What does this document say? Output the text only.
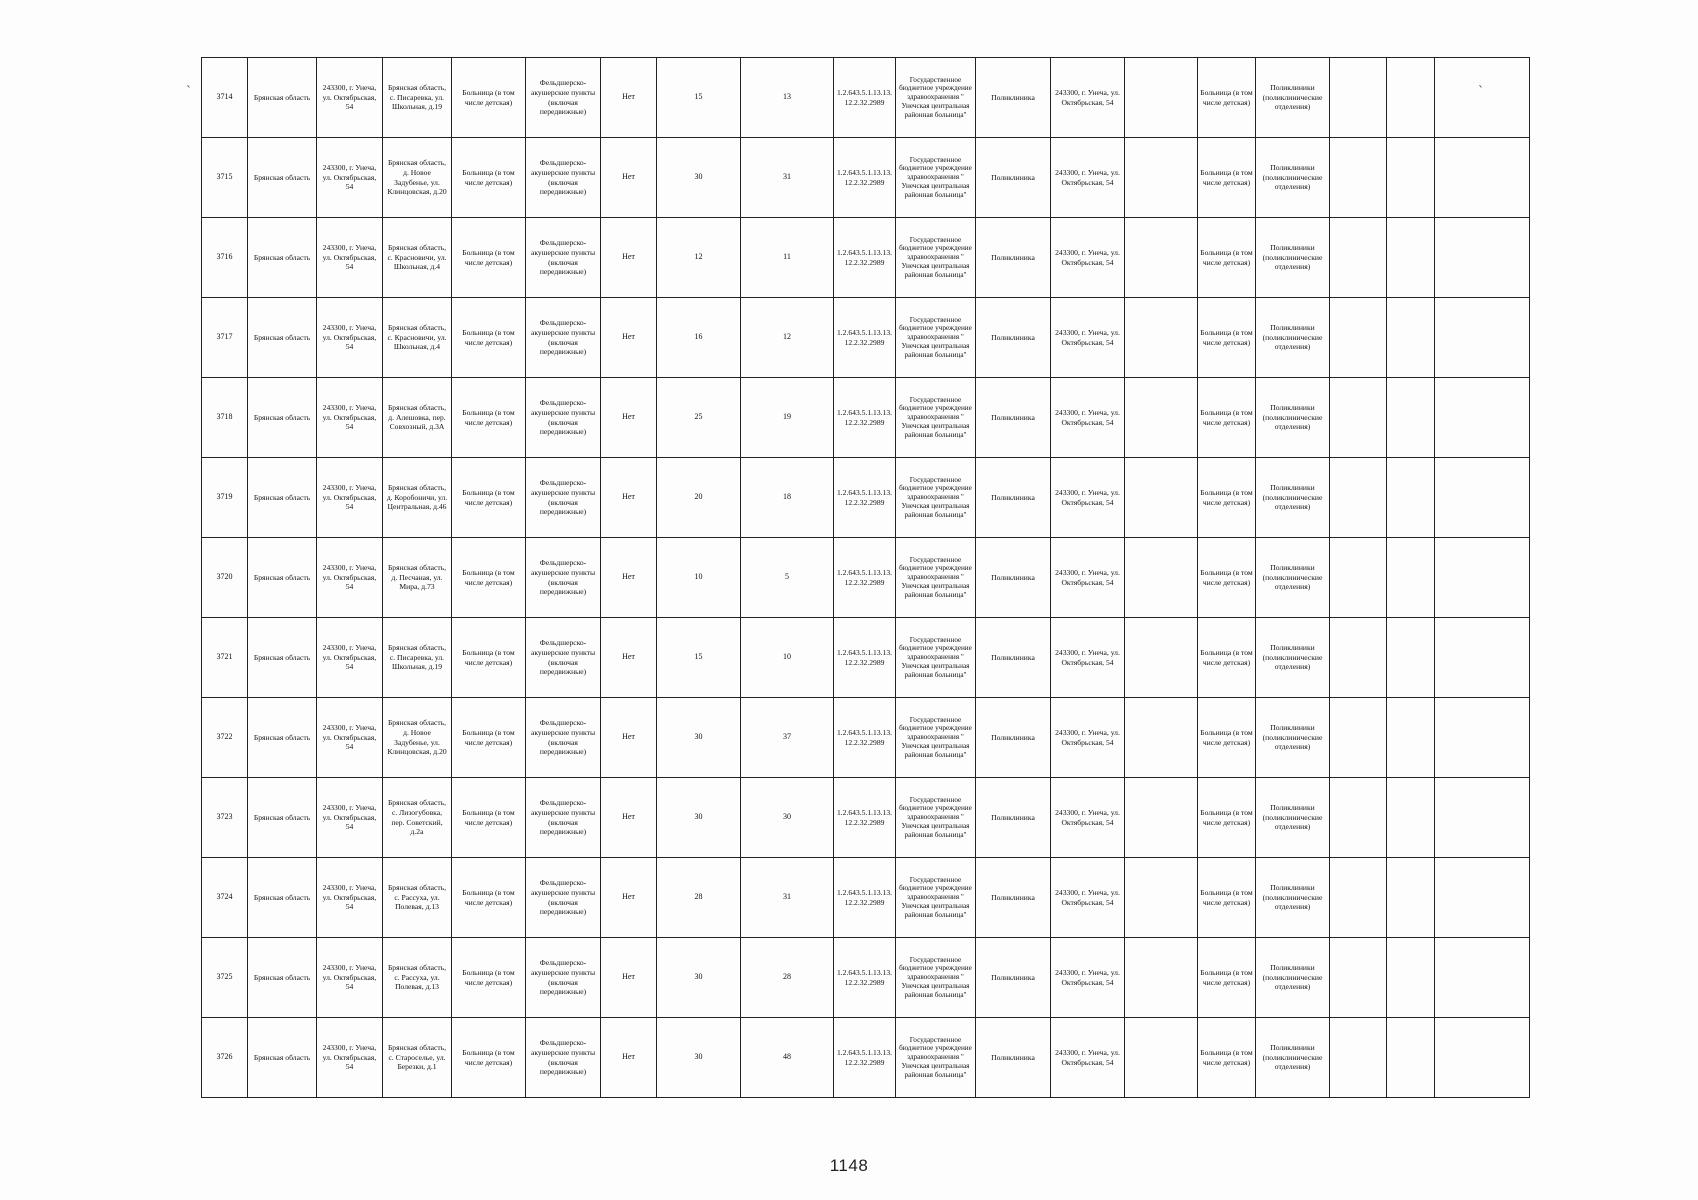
`	`
3714	Брянская область	243300, г. Унеча, ул. Октябрьская, 54	Брянская область, с. Писаревка, ул. Школьная, д.19	Больница (в том числе детская)	Фельдшерско-акушерские пункты (включая передвижные)	Нет	15	13	1.2.643.5.1.13.13.12.2.32.2989	Государственное бюджетное учреждение здравоохранения " Унечская центральная районная больница"	Поликлиника	243300, г. Унеча, ул. Октябрьская, 54		Больница (в том числе детская)	Поликлиники (поликлинические отделения)			
3715	Брянская область	243300, г. Унеча, ул. Октябрьская, 54	Брянская область, д. Новое Задубенье, ул. Клинцовская, д.20	Больница (в том числе детская)	Фельдшерско-акушерские пункты (включая передвижные)	Нет	30	31	1.2.643.5.1.13.13.12.2.32.2989	Государственное бюджетное учреждение здравоохранения " Унечская центральная районная больница"	Поликлиника	243300, г. Унеча, ул. Октябрьская, 54		Больница (в том числе детская)	Поликлиники (поликлинические отделения)			
3716	Брянская область	243300, г. Унеча, ул. Октябрьская, 54	Брянская область, с. Красновичи, ул. Школьная, д.4	Больница (в том числе детская)	Фельдшерско-акушерские пункты (включая передвижные)	Нет	12	11	1.2.643.5.1.13.13.12.2.32.2989	Государственное бюджетное учреждение здравоохранения " Унечская центральная районная больница"	Поликлиника	243300, г. Унеча, ул. Октябрьская, 54		Больница (в том числе детская)	Поликлиники (поликлинические отделения)			
3717	Брянская область	243300, г. Унеча, ул. Октябрьская, 54	Брянская область, с. Красновичи, ул. Школьная, д.4	Больница (в том числе детская)	Фельдшерско-акушерские пункты (включая передвижные)	Нет	16	12	1.2.643.5.1.13.13.12.2.32.2989	Государственное бюджетное учреждение здравоохранения " Унечская центральная районная больница"	Поликлиника	243300, г. Унеча, ул. Октябрьская, 54		Больница (в том числе детская)	Поликлиники (поликлинические отделения)			
3718	Брянская область	243300, г. Унеча, ул. Октябрьская, 54	Брянская область, д. Алешовка, пер. Совхозный, д.3А	Больница (в том числе детская)	Фельдшерско-акушерские пункты (включая передвижные)	Нет	25	19	1.2.643.5.1.13.13.12.2.32.2989	Государственное бюджетное учреждение здравоохранения " Унечская центральная районная больница"	Поликлиника	243300, г. Унеча, ул. Октябрьская, 54		Больница (в том числе детская)	Поликлиники (поликлинические отделения)			
3719	Брянская область	243300, г. Унеча, ул. Октябрьская, 54	Брянская область, д. Коробоничи, ул. Центральная, д.46	Больница (в том числе детская)	Фельдшерско-акушерские пункты (включая передвижные)	Нет	20	18	1.2.643.5.1.13.13.12.2.32.2989	Государственное бюджетное учреждение здравоохранения " Унечская центральная районная больница"	Поликлиника	243300, г. Унеча, ул. Октябрьская, 54		Больница (в том числе детская)	Поликлиники (поликлинические отделения)			
3720	Брянская область	243300, г. Унеча, ул. Октябрьская, 54	Брянская область, д. Песчаная, ул. Мира, д.73	Больница (в том числе детская)	Фельдшерско-акушерские пункты (включая передвижные)	Нет	10	5	1.2.643.5.1.13.13.12.2.32.2989	Государственное бюджетное учреждение здравоохранения " Унечская центральная районная больница"	Поликлиника	243300, г. Унеча, ул. Октябрьская, 54		Больница (в том числе детская)	Поликлиники (поликлинические отделения)			
3721	Брянская область	243300, г. Унеча, ул. Октябрьская, 54	Брянская область, с. Писаревка, ул. Школьная, д.19	Больница (в том числе детская)	Фельдшерско-акушерские пункты (включая передвижные)	Нет	15	10	1.2.643.5.1.13.13.12.2.32.2989	Государственное бюджетное учреждение здравоохранения " Унечская центральная районная больница"	Поликлиника	243300, г. Унеча, ул. Октябрьская, 54		Больница (в том числе детская)	Поликлиники (поликлинические отделения)			
3722	Брянская область	243300, г. Унеча, ул. Октябрьская, 54	Брянская область, д. Новое Задубенье, ул. Клинцовская, д.20	Больница (в том числе детская)	Фельдшерско-акушерские пункты (включая передвижные)	Нет	30	37	1.2.643.5.1.13.13.12.2.32.2989	Государственное бюджетное учреждение здравоохранения " Унечская центральная районная больница"	Поликлиника	243300, г. Унеча, ул. Октябрьская, 54		Больница (в том числе детская)	Поликлиники (поликлинические отделения)			
3723	Брянская область	243300, г. Унеча, ул. Октябрьская, 54	Брянская область, с. Лизогубовка, пер. Советский, д.2а	Больница (в том числе детская)	Фельдшерско-акушерские пункты (включая передвижные)	Нет	30	30	1.2.643.5.1.13.13.12.2.32.2989	Государственное бюджетное учреждение здравоохранения " Унечская центральная районная больница"	Поликлиника	243300, г. Унеча, ул. Октябрьская, 54		Больница (в том числе детская)	Поликлиники (поликлинические отделения)			
3724	Брянская область	243300, г. Унеча, ул. Октябрьская, 54	Брянская область, с. Рассуха, ул. Полевая, д.13	Больница (в том числе детская)	Фельдшерско-акушерские пункты (включая передвижные)	Нет	28	31	1.2.643.5.1.13.13.12.2.32.2989	Государственное бюджетное учреждение здравоохранения " Унечская центральная районная больница"	Поликлиника	243300, г. Унеча, ул. Октябрьская, 54		Больница (в том числе детская)	Поликлиники (поликлинические отделения)			
3725	Брянская область	243300, г. Унеча, ул. Октябрьская, 54	Брянская область, с. Рассуха, ул. Полевая, д.13	Больница (в том числе детская)	Фельдшерско-акушерские пункты (включая передвижные)	Нет	30	28	1.2.643.5.1.13.13.12.2.32.2989	Государственное бюджетное учреждение здравоохранения " Унечская центральная районная больница"	Поликлиника	243300, г. Унеча, ул. Октябрьская, 54		Больница (в том числе детская)	Поликлиники (поликлинические отделения)			
3726	Брянская область	243300, г. Унеча, ул. Октябрьская, 54	Брянская область, с. Староселье, ул. Березки, д.1	Больница (в том числе детская)	Фельдшерско-акушерские пункты (включая передвижные)	Нет	30	48	1.2.643.5.1.13.13.12.2.32.2989	Государственное бюджетное учреждение здравоохранения " Унечская центральная районная больница"	Поликлиника	243300, г. Унеча, ул. Октябрьская, 54		Больница (в том числе детская)	Поликлиники (поликлинические отделения)			
1148
